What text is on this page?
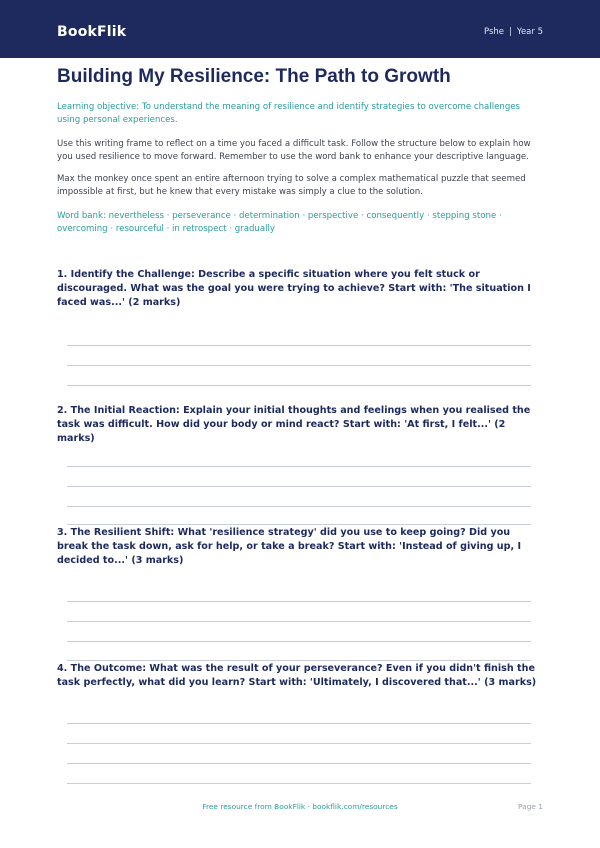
BookFlik	Pshe | Year 5
Building My Resilience: The Path to Growth

Learning objective: To understand the meaning of resilience and identify strategies to overcome challenges using personal experiences.

Use this writing frame to reflect on a time you faced a difficult task. Follow the structure below to explain how you used resilience to move forward. Remember to use the word bank to enhance your descriptive language.

Max the monkey once spent an entire afternoon trying to solve a complex mathematical puzzle that seemed impossible at first, but he knew that every mistake was simply a clue to the solution.

Word bank: nevertheless · perseverance · determination · perspective · consequently · stepping stone · overcoming · resourceful · in retrospect · gradually

1. Identify the Challenge: Describe a specific situation where you felt stuck or discouraged. What was the goal you were trying to achieve? Start with: 'The situation I faced was...' (2 marks)

2. The Initial Reaction: Explain your initial thoughts and feelings when you realised the task was difficult. How did your body or mind react? Start with: 'At first, I felt...' (2 marks)

3. The Resilient Shift: What 'resilience strategy' did you use to keep going? Did you break the task down, ask for help, or take a break? Start with: 'Instead of giving up, I decided to...' (3 marks)

4. The Outcome: What was the result of your perseverance? Even if you didn't finish the task perfectly, what did you learn? Start with: 'Ultimately, I discovered that...' (3 marks)

Free resource from BookFlik · bookflik.com/resources	Page 1
